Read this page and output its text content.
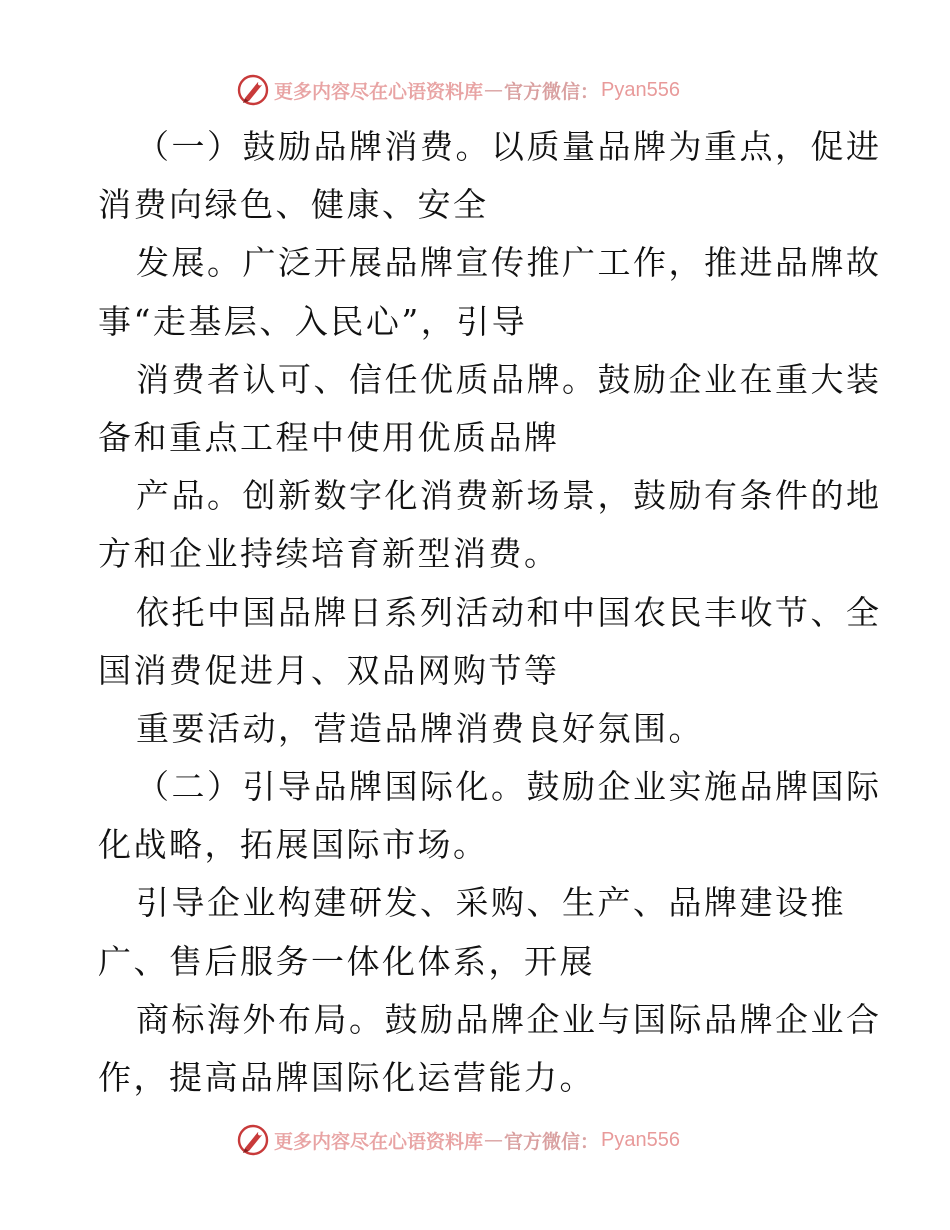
更多内容尽在心语资料库 — 官方微信： Pyan556
（一）鼓励品牌消费。以质量品牌为重点，促进
消费向绿色、健康、安全
发展。广泛开展品牌宣传推广工作，推进品牌故
事“走基层、入民心”，引导
消费者认可、信任优质品牌。鼓励企业在重大装
备和重点工程中使用优质品牌
产品。创新数字化消费新场景，鼓励有条件的地
方和企业持续培育新型消费。
依托中国品牌日系列活动和中国农民丰收节、全
国消费促进月、双品网购节等
重要活动，营造品牌消费良好氛围。
（二）引导品牌国际化。鼓励企业实施品牌国际
化战略，拓展国际市场。
引导企业构建研发、采购、生产、品牌建设推
广、售后服务一体化体系，开展
商标海外布局。鼓励品牌企业与国际品牌企业合
作，提高品牌国际化运营能力。
更多内容尽在心语资料库 — 官方微信： Pyan556
